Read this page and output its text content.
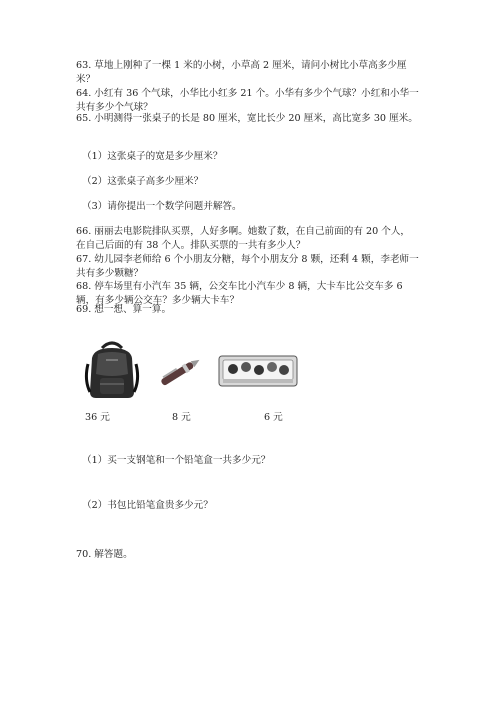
63. 草地上刚种了一棵 1 米的小树，小草高 2 厘米，请问小树比小草高多少厘
米？
64. 小红有 36 个气球，小华比小红多 21 个。小华有多少个气球？小红和小华一
共有多少个气球？
65. 小明测得一张桌子的长是 80 厘米，宽比长少 20 厘米，高比宽多 30 厘米。
（1）这张桌子的宽是多少厘米？
（2）这张桌子高多少厘米？
（3）请你提出一个数学问题并解答。
66. 丽丽去电影院排队买票，人好多啊。她数了数，在自己前面的有 20 个人，
在自己后面的有 38 个人。排队买票的一共有多少人？
67. 幼儿园李老师给 6 个小朋友分糖，每个小朋友分 8 颗，还剩 4 颗，李老师一
共有多少颗糖？
68. 停车场里有小汽车 35 辆，公交车比小汽车少 8 辆，大卡车比公交车多 6
辆，有多少辆公交车？多少辆大卡车？
69. 想一想、算一算。
36 元	8 元	6 元
（1）买一支钢笔和一个铅笔盒一共多少元？
（2）书包比铅笔盒贵多少元？
70. 解答题。
